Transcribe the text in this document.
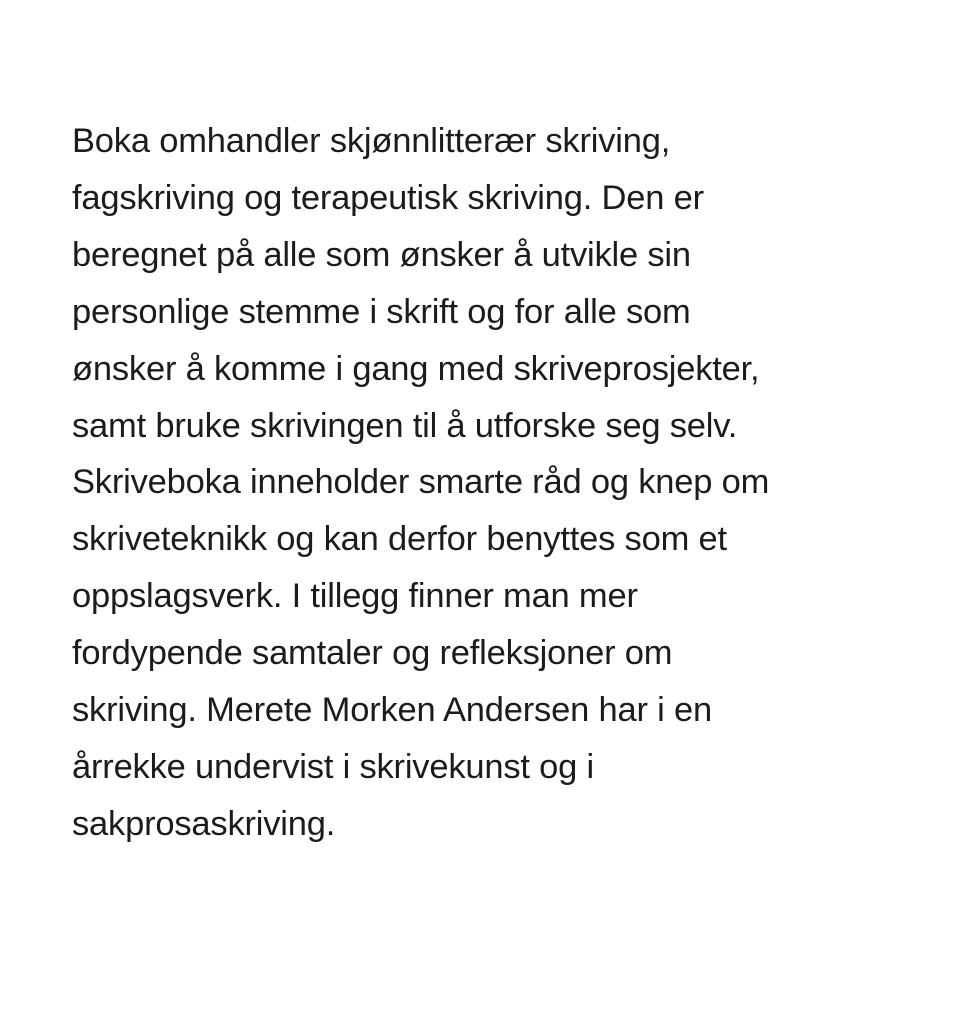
Boka omhandler skjønnlitterær skriving,
fagskriving og terapeutisk skriving. Den er
beregnet på alle som ønsker å utvikle sin
personlige stemme i skrift og for alle som
ønsker å komme i gang med skriveprosjekter,
samt bruke skrivingen til å utforske seg selv.
Skriveboka inneholder smarte råd og knep om
skriveteknikk og kan derfor benyttes som et
oppslagsverk. I tillegg finner man mer
fordypende samtaler og refleksjoner om
skriving. Merete Morken Andersen har i en
årrekke undervist i skrivekunst og i
sakprosaskriving.
